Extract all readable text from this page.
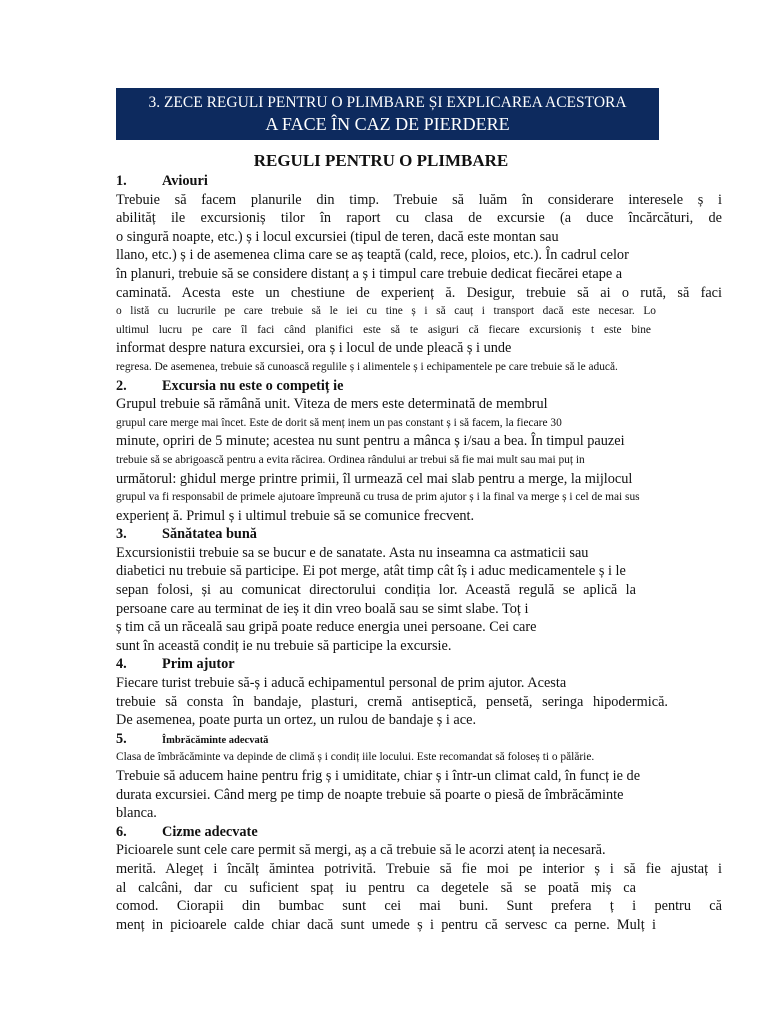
3. ZECE REGULI PENTRU O PLIMBARE ȘI EXPLICAREA ACESTORA
A FACE ÎN CAZ DE PIERDERE
REGULI PENTRU O PLIMBARE
1. Aviouri
Trebuie să facem planurile din timp. Trebuie să luăm în considerare interesele ș i
abilităț ile excursioniș tilor în raport cu clasa de excursie (a duce încărcături, de
o singură noapte, etc.) ș i locul excursiei (tipul de teren, dacă este montan sau
llano, etc.) ș i de asemenea clima care se aș teaptă (cald, rece, ploios, etc.). În cadrul celor
în planuri, trebuie să se considere distanț a ș i timpul care trebuie dedicat fiecărei etape a
caminată. Acesta este un chestiune de experienț ă. Desigur, trebuie să ai o rută, să faci
o listă cu lucrurile pe care trebuie să le iei cu tine ș i să cauț i transport dacă este necesar. Lo
ultimul lucru pe care îl faci când planifici este să te asiguri că fiecare excursioniș t este bine
informat despre natura excursiei, ora ș i locul de unde pleacă ș i unde
regresa. De asemenea, trebuie să cunoască regulile ș i alimentele ș i echipamentele pe care trebuie să le aducă.
2. Excursia nu este o competiț ie
Grupul trebuie să rămână unit. Viteza de mers este determinată de membrul
grupul care merge mai încet. Este de dorit să menț inem un pas constant ș i să facem, la fiecare 30
minute, opriri de 5 minute; acestea nu sunt pentru a mânca ș i/sau a bea. În timpul pauzei
trebuie să se abrigoască pentru a evita răcirea. Ordinea rândului ar trebui să fie mai mult sau mai puț in
următorul: ghidul merge printre primii, îl urmează cel mai slab pentru a merge, la mijlocul
grupul va fi responsabil de primele ajutoare împreună cu trusa de prim ajutor ș i la final va merge ș i cel de mai sus
experienț ă. Primul ș i ultimul trebuie să se comunice frecvent.
3. Sănătatea bună
Excursionistii trebuie sa se bucur e de sanatate. Asta nu inseamna ca astmaticii sau
diabetici nu trebuie să participe. Ei pot merge, atât timp cât îș i aduc medicamentele ș i le
sepan folosi, și au comunicat directorului condiția lor. Această regulă se aplică la
persoane care au terminat de ieș it din vreo boală sau se simt slabe. Toț i
ș tim că un răceală sau gripă poate reduce energia unei persoane. Cei care
sunt în această condiț ie nu trebuie să participe la excursie.
4. Prim ajutor
Fiecare turist trebuie să-ș i aducă echipamentul personal de prim ajutor. Acesta
trebuie să consta în bandaje, plasturi, cremă antiseptică, pensetă, seringa hipodermică.
De asemenea, poate purta un ortez, un rulou de bandaje ș i ace.
5.	Îmbrăcăminte adecvată
Clasa de îmbrăcăminte va depinde de climă ș i condiț iile locului. Este recomandat să foloseș ti o pălărie.
Trebuie să aducem haine pentru frig ș i umiditate, chiar ș i într-un climat cald, în funcț ie de
durata excursiei. Când merg pe timp de noapte trebuie să poarte o piesă de îmbrăcăminte
blanca.
6. Cizme adecvate
Picioarele sunt cele care permit să mergi, aș a că trebuie să le acorzi atenț ia necesară.
merită. Alegeț i încălț ămintea potrivită. Trebuie să fie moi pe interior ș i să fie ajustaț i
al calcâni, dar cu suficient spaț iu pentru ca degetele să se poată miș ca
comod. Ciorapii din bumbac sunt cei mai buni. Sunt prefera ț i pentru că
menț in picioarele calde chiar dacă sunt umede ș i pentru că servesc ca perne. Mulț i
